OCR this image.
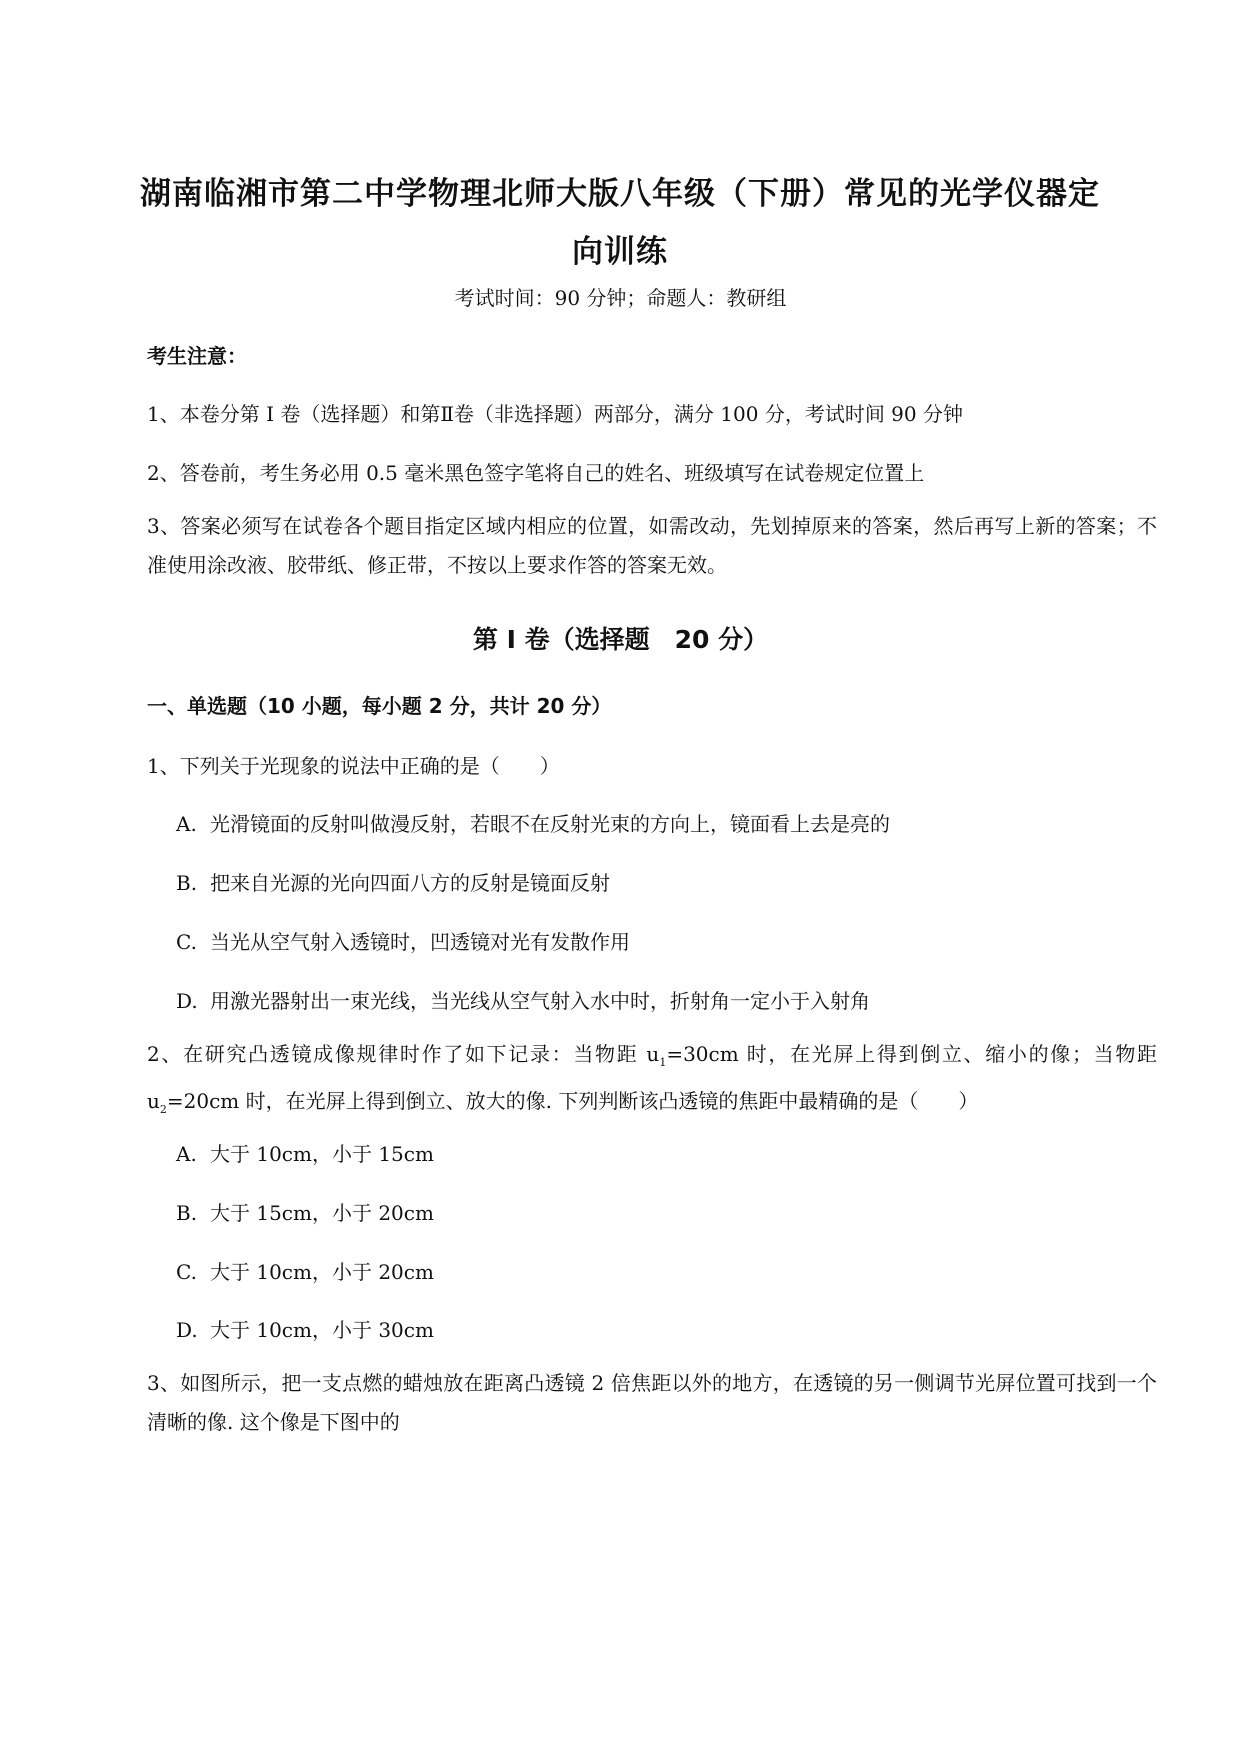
湖南临湘市第二中学物理北师大版八年级（下册）常见的光学仪器定
向训练
考试时间：90 分钟；命题人：教研组
考生注意：
1、本卷分第 I 卷（选择题）和第Ⅱ卷（非选择题）两部分，满分 100 分，考试时间 90 分钟
2、答卷前，考生务必用 0.5 毫米黑色签字笔将自己的姓名、班级填写在试卷规定位置上
3、答案必须写在试卷各个题目指定区域内相应的位置，如需改动，先划掉原来的答案，然后再写上新的答案；不准使用涂改液、胶带纸、修正带，不按以上要求作答的答案无效。
第 I 卷（选择题　20 分）
一、单选题（10 小题，每小题 2 分，共计 20 分）
1、下列关于光现象的说法中正确的是（　　）
A. 光滑镜面的反射叫做漫反射，若眼不在反射光束的方向上，镜面看上去是亮的
B. 把来自光源的光向四面八方的反射是镜面反射
C. 当光从空气射入透镜时，凹透镜对光有发散作用
D. 用激光器射出一束光线，当光线从空气射入水中时，折射角一定小于入射角
2、在研究凸透镜成像规律时作了如下记录：当物距 $u_1=30cm$ 时，在光屏上得到倒立、缩小的像；当物距 $u_2=20cm$ 时，在光屏上得到倒立、放大的像. 下列判断该凸透镜的焦距中最精确的是（　　）
A. 大于 10cm，小于 15cm
B. 大于 15cm，小于 20cm
C. 大于 10cm，小于 20cm
D. 大于 10cm，小于 30cm
3、如图所示，把一支点燃的蜡烛放在距离凸透镜 2 倍焦距以外的地方，在透镜的另一侧调节光屏位置可找到一个清晰的像. 这个像是下图中的
